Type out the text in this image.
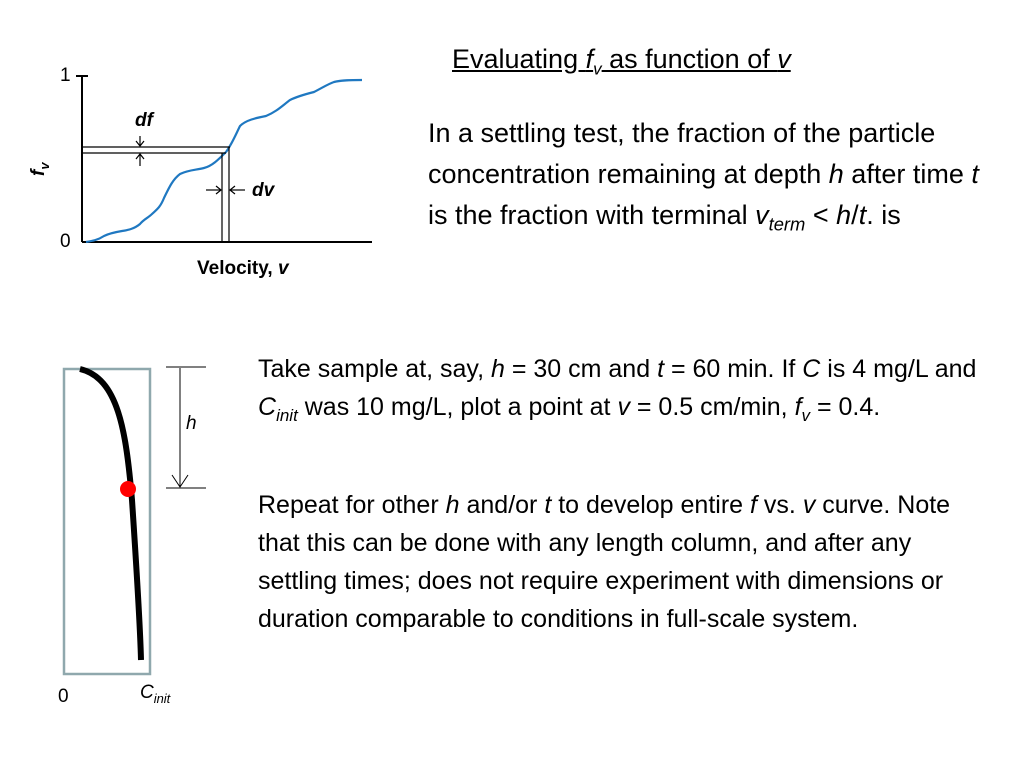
Evaluating $f_v$ as function of v
1
0
$f_v$
Velocity, v
df
dv
h
0	$C_{init}$
In a settling test, the fraction of the particle concentration remaining at depth h after time t is the fraction with terminal $v_{term} < h/t$. is
Take sample at, say, h = 30 cm and t = 60 min. If C is 4 mg/L and $C_{init}$ was 10 mg/L, plot a point at v = 0.5 cm/min, $f_v = 0.4$.
Repeat for other h and/or t to develop entire f vs. v curve. Note that this can be done with any length column, and after any settling times; does not require experiment with dimensions or duration comparable to conditions in full-scale system.
